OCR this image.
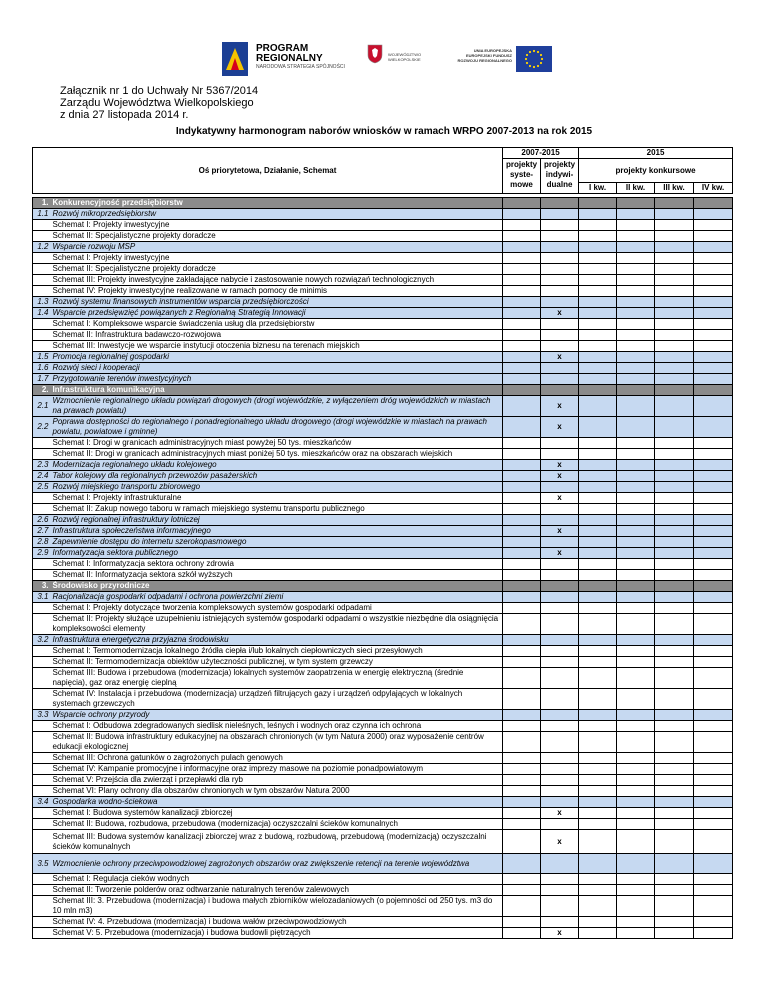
PROGRAM
REGIONALNY
NARODOWA STRATEGIA SPÓJNOŚCI
WOJEWÓDZTWO WIELKOPOLSKIE
UNIA EUROPEJSKA EUROPEJSKI FUNDUSZ ROZWOJU REGIONALNEGO
Załącznik nr 1 do Uchwały Nr 5367/2014
Zarządu Województwa Wielkopolskiego
z dnia 27 listopada 2014 r.
Indykatywny harmonogram naborów wniosków w ramach WRPO 2007-2013 na rok 2015
Oś priorytetowa, Działanie, Schemat		2007-2015		2015			
		projekty syste-mowe	projekty indywi-dualne	projekty konkursowe			
				I kw.	II kw.	III kw.	IV kw.

1.	Konkurencyjność przedsiębiorstw						
1.1	Rozwój mikroprzedsiębiorstw						
	Schemat I: Projekty inwestycyjne						
	Schemat II: Specjalistyczne projekty doradcze						
1.2	Wsparcie rozwoju MSP						
	Schemat I: Projekty inwestycyjne						
	Schemat II: Specjalistyczne projekty doradcze						
	Schemat III: Projekty inwestycyjne zakładające nabycie i zastosowanie nowych rozwiązań technologicznych						
	Schemat IV: Projekty inwestycyjne realizowane w ramach pomocy de minimis						
1.3	Rozwój systemu finansowych instrumentów wsparcia przedsiębiorczości						
1.4	Wsparcie przedsięwzięć powiązanych z Regionalną Strategią Innowacji		x				
	Schemat I: Kompleksowe wsparcie świadczenia usług dla przedsiębiorstw						
	Schemat II: Infrastruktura badawczo-rozwojowa						
	Schemat III: Inwestycje we wsparcie instytucji otoczenia biznesu na terenach miejskich						
1.5	Promocja regionalnej gospodarki		x				
1.6	Rozwój sieci i kooperacji						
1.7	Przygotowanie terenów inwestycyjnych						
2.	Infrastruktura komunikacyjna						
2.1	Wzmocnienie regionalnego układu powiązań drogowych (drogi wojewódzkie, z wyłączeniem dróg wojewódzkich w miastach na prawach powiatu)		x				
2.2	Poprawa dostępności do regionalnego i ponadregionalnego układu drogowego (drogi wojewódzkie w miastach na prawach powiatu, powiatowe i gminne)		x				
	Schemat I: Drogi w granicach administracyjnych miast powyżej 50 tys. mieszkańców						
	Schemat II: Drogi w granicach administracyjnych miast poniżej 50 tys. mieszkańców oraz na obszarach wiejskich						
2.3	Modernizacja regionalnego układu kolejowego		x				
2.4	Tabor kolejowy dla regionalnych przewozów pasażerskich		x				
2.5	Rozwój miejskiego transportu zbiorowego						
	Schemat I: Projekty infrastrukturalne		x				
	Schemat II: Zakup nowego taboru w ramach miejskiego systemu transportu publicznego						
2.6	Rozwój regionalnej infrastruktury lotniczej						
2.7	Infrastruktura społeczeństwa informacyjnego		x				
2.8	Zapewnienie dostępu do internetu szerokopasmowego						
2.9	Informatyzacja sektora publicznego		x				
	Schemat I: Informatyzacja sektora ochrony zdrowia						
	Schemat II: Informatyzacja sektora szkół wyższych						
3.	Środowisko przyrodnicze						
3.1	Racjonalizacja gospodarki odpadami i ochrona powierzchni ziemi						
	Schemat I: Projekty dotyczące tworzenia kompleksowych systemów gospodarki odpadami						
	Schemat II: Projekty służące uzupełnieniu istniejących systemów gospodarki odpadami o wszystkie niezbędne dla osiągnięcia kompleksowości elementy						
3.2	Infrastruktura energetyczna przyjazna środowisku						
	Schemat I: Termomodernizacja lokalnego źródła ciepła i/lub lokalnych ciepłowniczych sieci przesyłowych						
	Schemat II: Termomodernizacja obiektów użyteczności publicznej, w tym system grzewczy						
	Schemat III: Budowa i przebudowa (modernizacja) lokalnych systemów zaopatrzenia w energię elektryczną (średnie napięcia), gaz oraz energię cieplną						
	Schemat IV: Instalacja i przebudowa (modernizacja) urządzeń filtrujących gazy i urządzeń odpylających w lokalnych systemach grzewczych						
3.3	Wsparcie ochrony przyrody						
	Schemat I: Odbudowa zdegradowanych siedlisk nieleśnych, leśnych i wodnych oraz czynna ich ochrona						
	Schemat II: Budowa infrastruktury edukacyjnej na obszarach chronionych (w tym Natura 2000) oraz wyposażenie centrów edukacji ekologicznej						
	Schemat III: Ochrona gatunków o zagrożonych pulach genowych						
	Schemat IV: Kampanie promocyjne i informacyjne oraz imprezy masowe na poziomie ponadpowiatowym						
	Schemat V: Przejścia dla zwierząt i przepławki dla ryb						
	Schemat VI: Plany ochrony dla obszarów chronionych w tym obszarów Natura 2000						
3.4	Gospodarka wodno-ściekowa						
	Schemat I: Budowa systemów kanalizacji zbiorczej		x				
	Schemat II: Budowa, rozbudowa, przebudowa (modernizacja) oczyszczalni ścieków komunalnych						
	Schemat III: Budowa systemów kanalizacji zbiorczej wraz z budową, rozbudową, przebudową (modernizacją) oczyszczalni ścieków komunalnych		x				
3.5	Wzmocnienie ochrony przeciwpowodziowej zagrożonych obszarów oraz zwiększenie retencji na terenie województwa						
	Schemat I: Regulacja cieków wodnych						
	Schemat II: Tworzenie polderów oraz odtwarzanie naturalnych terenów zalewowych						
	Schemat III: 3. Przebudowa (modernizacja) i budowa małych zbiorników wielozadaniowych (o pojemności od 250 tys. m3 do 10 mln m3)						
	Schemat IV: 4. Przebudowa (modernizacja) i budowa wałów przeciwpowodziowych						
	Schemat V: 5. Przebudowa (modernizacja) i budowa budowli piętrzących		x				
